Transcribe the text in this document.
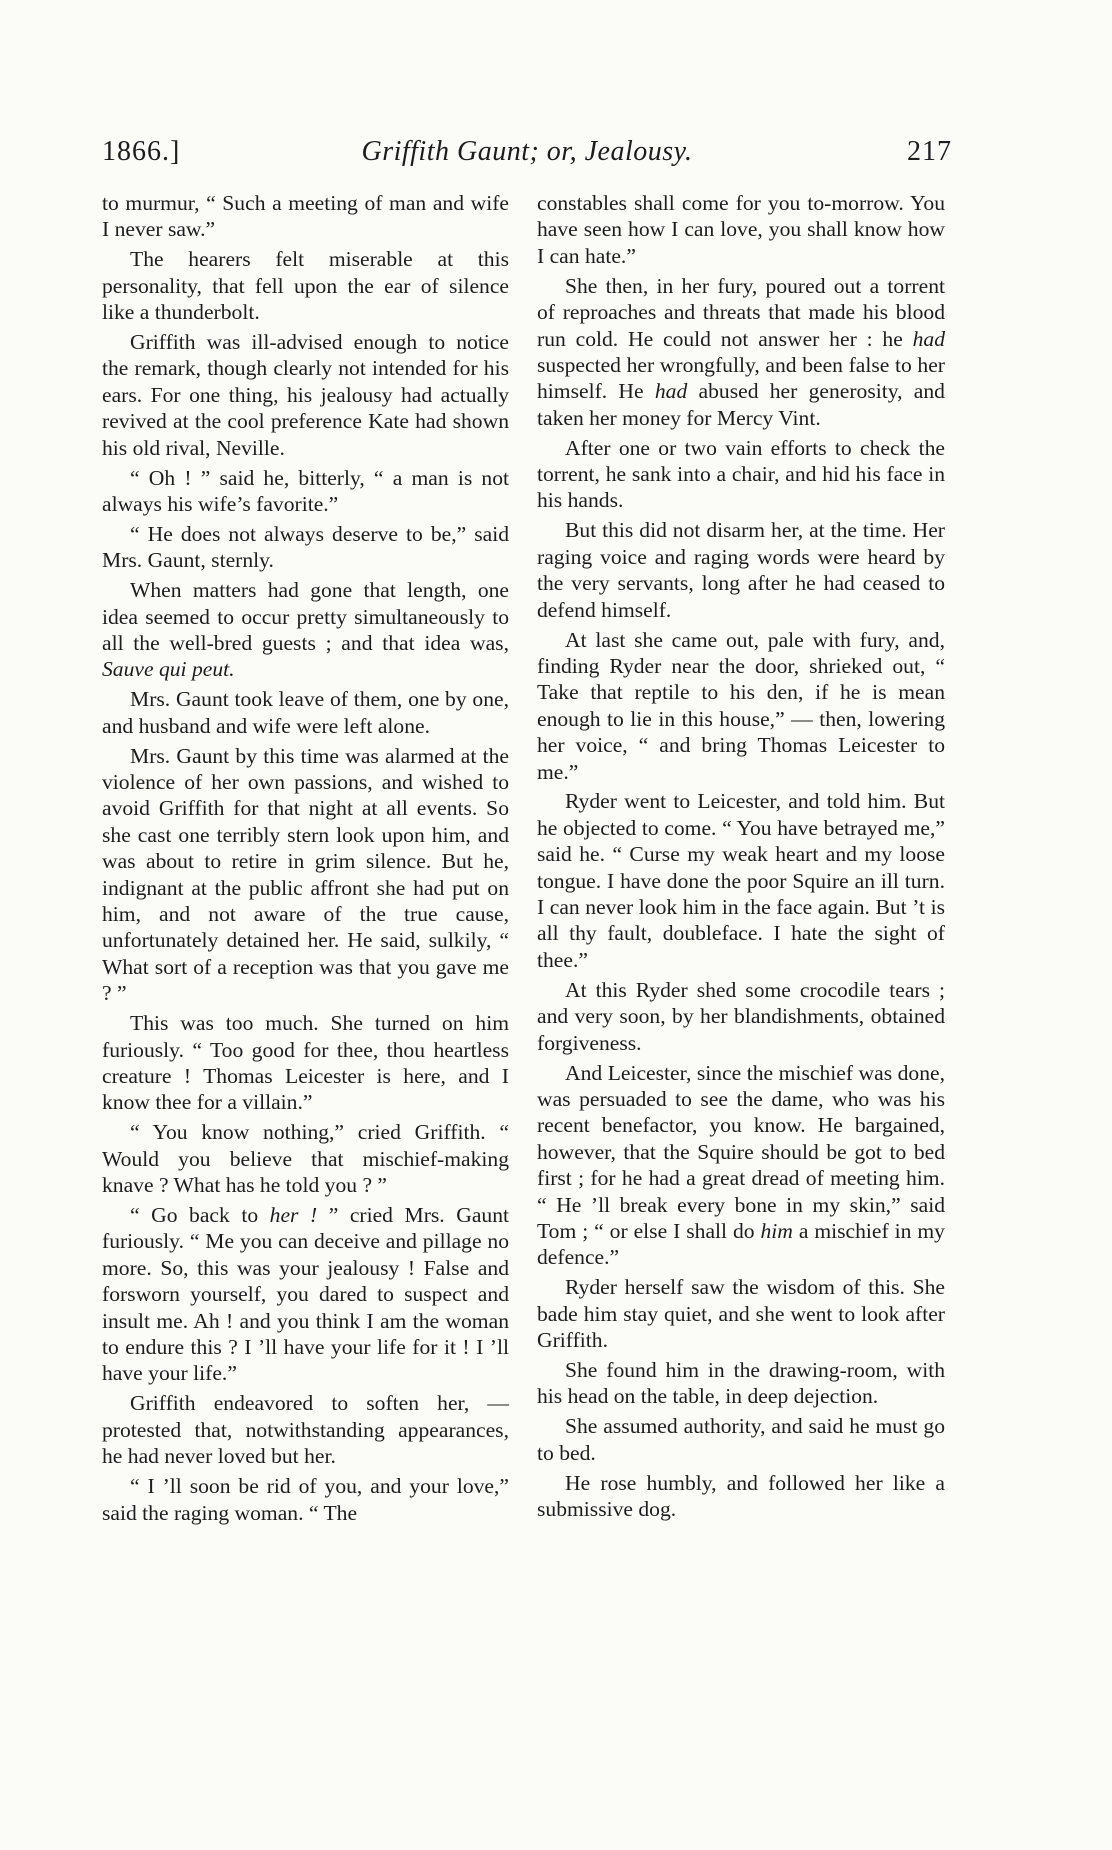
1866.]	Griffith Gaunt; or, Jealousy.	217

to murmur, “ Such a meeting of man and wife I never saw.”

The hearers felt miserable at this personality, that fell upon the ear of silence like a thunderbolt.

Griffith was ill-advised enough to notice the remark, though clearly not intended for his ears. For one thing, his jealousy had actually revived at the cool preference Kate had shown his old rival, Neville.

“ Oh ! ” said he, bitterly, “ a man is not always his wife’s favorite.”

“ He does not always deserve to be,” said Mrs. Gaunt, sternly.

When matters had gone that length, one idea seemed to occur pretty simultaneously to all the well-bred guests ; and that idea was, Sauve qui peut.

Mrs. Gaunt took leave of them, one by one, and husband and wife were left alone.

Mrs. Gaunt by this time was alarmed at the violence of her own passions, and wished to avoid Griffith for that night at all events. So she cast one terribly stern look upon him, and was about to retire in grim silence. But he, indignant at the public affront she had put on him, and not aware of the true cause, unfortunately detained her. He said, sulkily, “ What sort of a reception was that you gave me ? ”

This was too much. She turned on him furiously. “ Too good for thee, thou heartless creature ! Thomas Leicester is here, and I know thee for a villain.”

“ You know nothing,” cried Griffith. “ Would you believe that mischief-making knave ? What has he told you ? ”

“ Go back to her ! ” cried Mrs. Gaunt furiously. “ Me you can deceive and pillage no more. So, this was your jealousy ! False and forsworn yourself, you dared to suspect and insult me. Ah ! and you think I am the woman to endure this ? I ’ll have your life for it ! I ’ll have your life.”

Griffith endeavored to soften her, — protested that, notwithstanding appearances, he had never loved but her.

“ I ’ll soon be rid of you, and your love,” said the raging woman. “ The

constables shall come for you to-morrow. You have seen how I can love, you shall know how I can hate.”

She then, in her fury, poured out a torrent of reproaches and threats that made his blood run cold. He could not answer her : he had suspected her wrongfully, and been false to her himself. He had abused her generosity, and taken her money for Mercy Vint.

After one or two vain efforts to check the torrent, he sank into a chair, and hid his face in his hands.

But this did not disarm her, at the time. Her raging voice and raging words were heard by the very servants, long after he had ceased to defend himself.

At last she came out, pale with fury, and, finding Ryder near the door, shrieked out, “ Take that reptile to his den, if he is mean enough to lie in this house,” — then, lowering her voice, “ and bring Thomas Leicester to me.”

Ryder went to Leicester, and told him. But he objected to come. “ You have betrayed me,” said he. “ Curse my weak heart and my loose tongue. I have done the poor Squire an ill turn. I can never look him in the face again. But ’t is all thy fault, doubleface. I hate the sight of thee.”

At this Ryder shed some crocodile tears ; and very soon, by her blandishments, obtained forgiveness.

And Leicester, since the mischief was done, was persuaded to see the dame, who was his recent benefactor, you know. He bargained, however, that the Squire should be got to bed first ; for he had a great dread of meeting him. “ He ’ll break every bone in my skin,” said Tom ; “ or else I shall do him a mischief in my defence.”

Ryder herself saw the wisdom of this. She bade him stay quiet, and she went to look after Griffith.

She found him in the drawing-room, with his head on the table, in deep dejection.

She assumed authority, and said he must go to bed.

He rose humbly, and followed her like a submissive dog.
